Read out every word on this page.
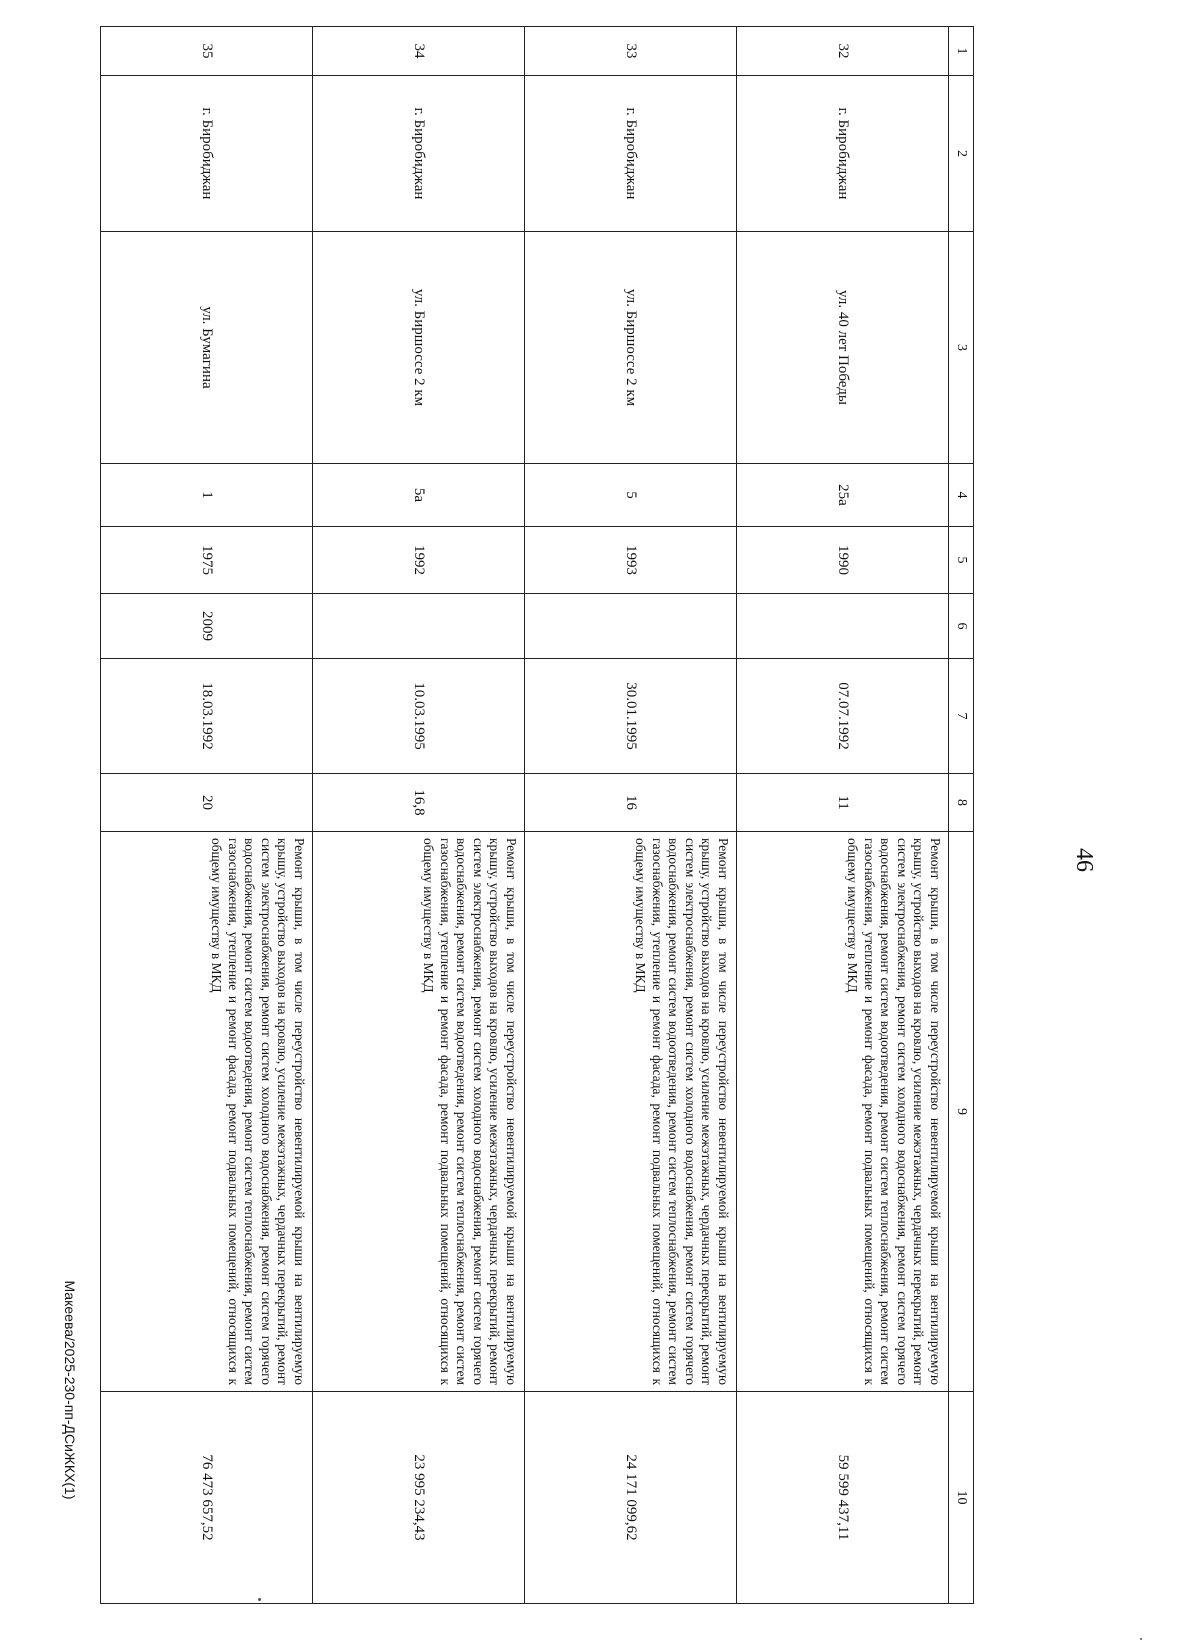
46
Макеева/2025-230-пп-ДСиЖКХ(1)
1	2	3	4	5	6	7	8	9	10
32	г. Биробиджан	ул. 40 лет Победы	25а	1990		07.07.1992	11	Ремонт крыши, в том числе переустройство невентилируемой крыши на вентилируемую крышу, устройство выходов на кровлю, усиление межэтажных, чердачных перекрытий, ремонт систем электроснабжения, ремонт систем холодного водоснабжения, ремонт систем горячего водоснабжения, ремонт систем водоотведения, ремонт систем теплоснабжения, ремонт систем газоснабжения, утепление и ремонт фасада, ремонт подвальных помещений, относящихся к общему имуществу в МКД	59 599 437,11
33	г. Биробиджан	ул. Биршоссе 2 км	5	1993		30.01.1995	16	Ремонт крыши, в том числе переустройство невентилируемой крыши на вентилируемую крышу, устройство выходов на кровлю, усиление межэтажных, чердачных перекрытий, ремонт систем электроснабжения, ремонт систем холодного водоснабжения, ремонт систем горячего водоснабжения, ремонт систем водоотведения, ремонт систем теплоснабжения, ремонт систем газоснабжения, утепление и ремонт фасада, ремонт подвальных помещений, относящихся к общему имуществу в МКД	24 171 099,62
34	г. Биробиджан	ул. Биршоссе 2 км	5а	1992		10.03.1995	16,8	Ремонт крыши, в том числе переустройство невентилируемой крыши на вентилируемую крышу, устройство выходов на кровлю, усиление межэтажных, чердачных перекрытий, ремонт систем электроснабжения, ремонт систем холодного водоснабжения, ремонт систем горячего водоснабжения, ремонт систем водоотведения, ремонт систем теплоснабжения, ремонт систем газоснабжения, утепление и ремонт фасада, ремонт подвальных помещений, относящихся к общему имуществу в МКД	23 995 234,43
35	г. Биробиджан	ул. Бумагина	1	1975	2009	18.03.1992	20	Ремонт крыши, в том числе переустройство невентилируемой крыши на вентилируемую крышу, устройство выходов на кровлю, усиление межэтажных, чердачных перекрытий, ремонт систем электроснабжения, ремонт систем холодного водоснабжения, ремонт систем горячего водоснабжения, ремонт систем водоотведения, ремонт систем теплоснабжения, ремонт систем газоснабжения, утепление и ремонт фасада, ремонт подвальных помещений, относящихся к общему имуществу в МКД	76 473 657,52
